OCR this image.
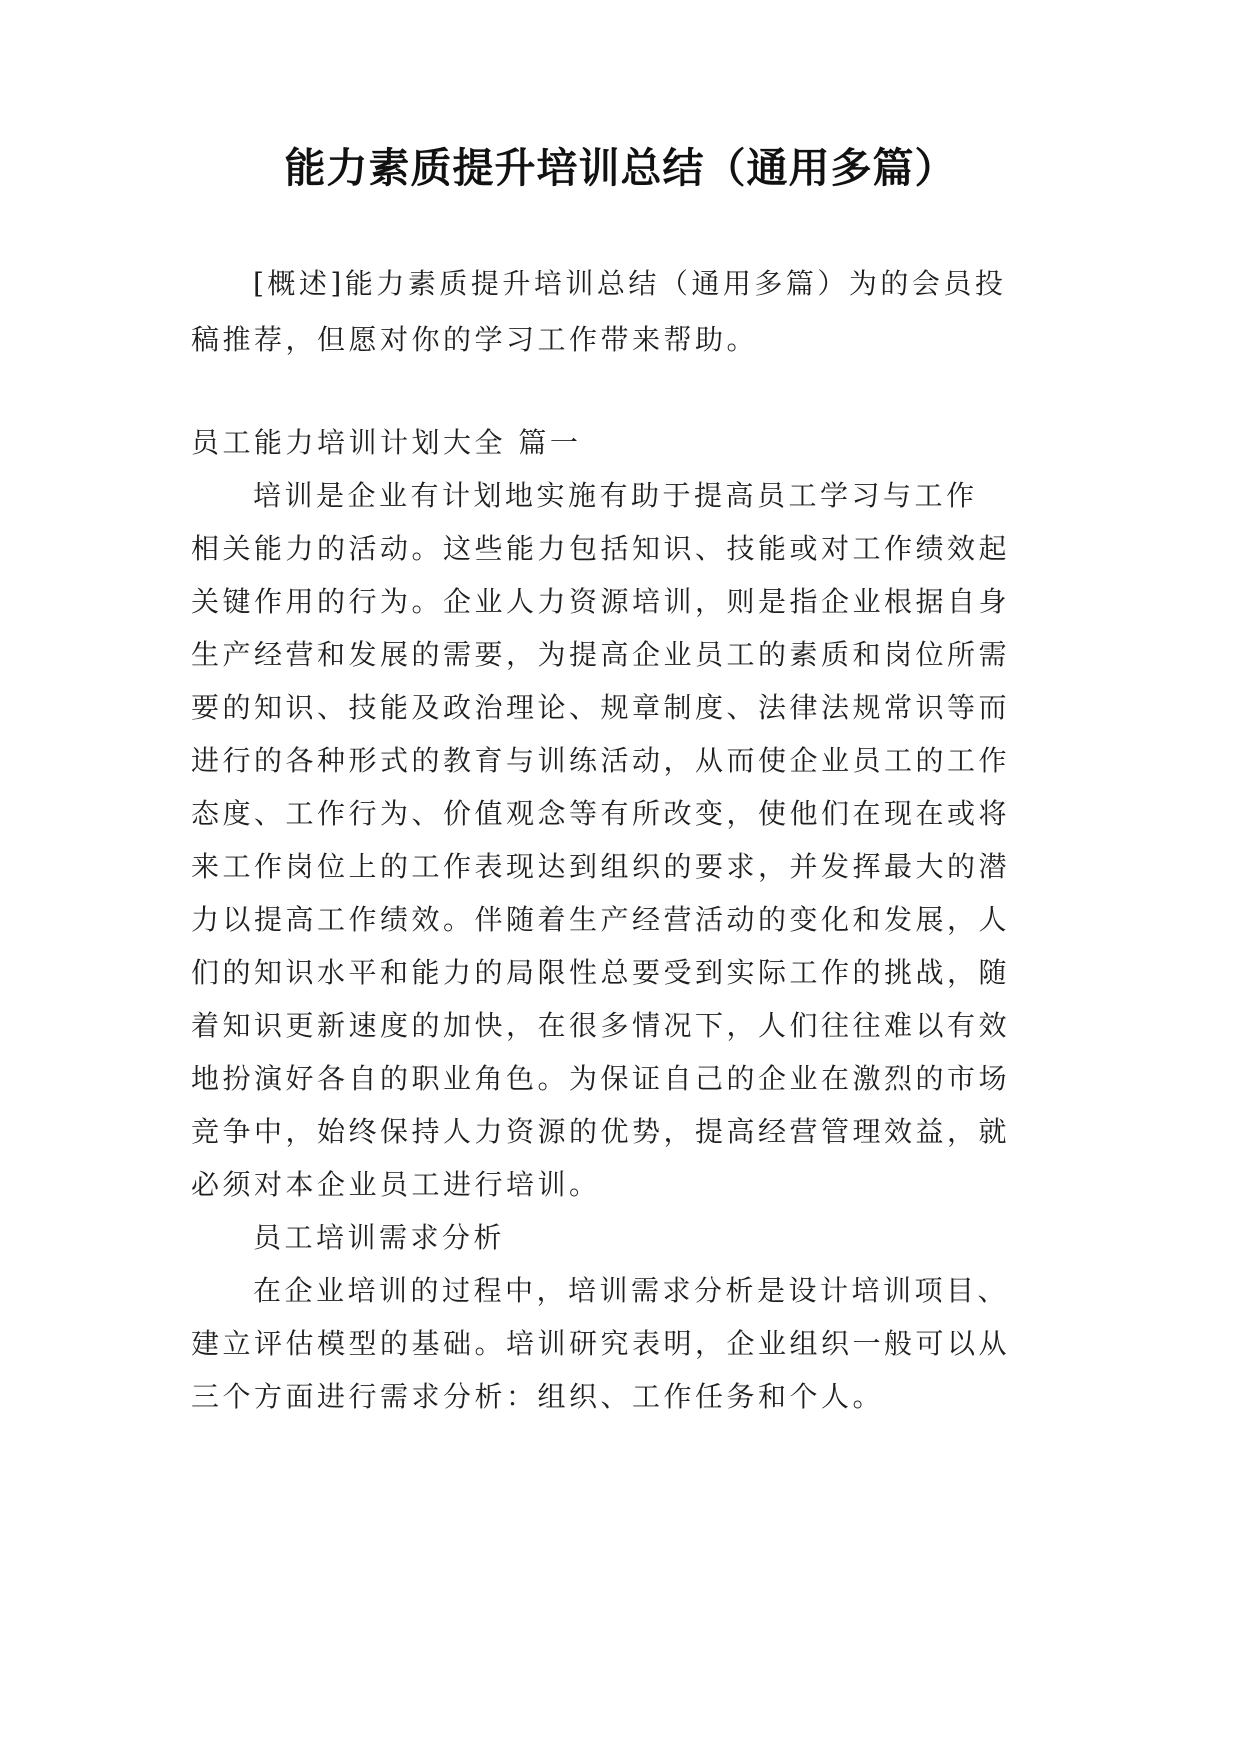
能力素质提升培训总结（通用多篇）
[概述]能力素质提升培训总结（通用多篇）为的会员投
稿推荐，但愿对你的学习工作带来帮助。
员工能力培训计划大全 篇一
培训是企业有计划地实施有助于提高员工学习与工作
相关能力的活动。这些能力包括知识、技能或对工作绩效起
关键作用的行为。企业人力资源培训，则是指企业根据自身
生产经营和发展的需要，为提高企业员工的素质和岗位所需
要的知识、技能及政治理论、规章制度、法律法规常识等而
进行的各种形式的教育与训练活动，从而使企业员工的工作
态度、工作行为、价值观念等有所改变，使他们在现在或将
来工作岗位上的工作表现达到组织的要求，并发挥最大的潜
力以提高工作绩效。伴随着生产经营活动的变化和发展，人
们的知识水平和能力的局限性总要受到实际工作的挑战，随
着知识更新速度的加快，在很多情况下，人们往往难以有效
地扮演好各自的职业角色。为保证自己的企业在激烈的市场
竞争中，始终保持人力资源的优势，提高经营管理效益，就
必须对本企业员工进行培训。
员工培训需求分析
在企业培训的过程中，培训需求分析是设计培训项目、
建立评估模型的基础。培训研究表明，企业组织一般可以从
三个方面进行需求分析：组织、工作任务和个人。
